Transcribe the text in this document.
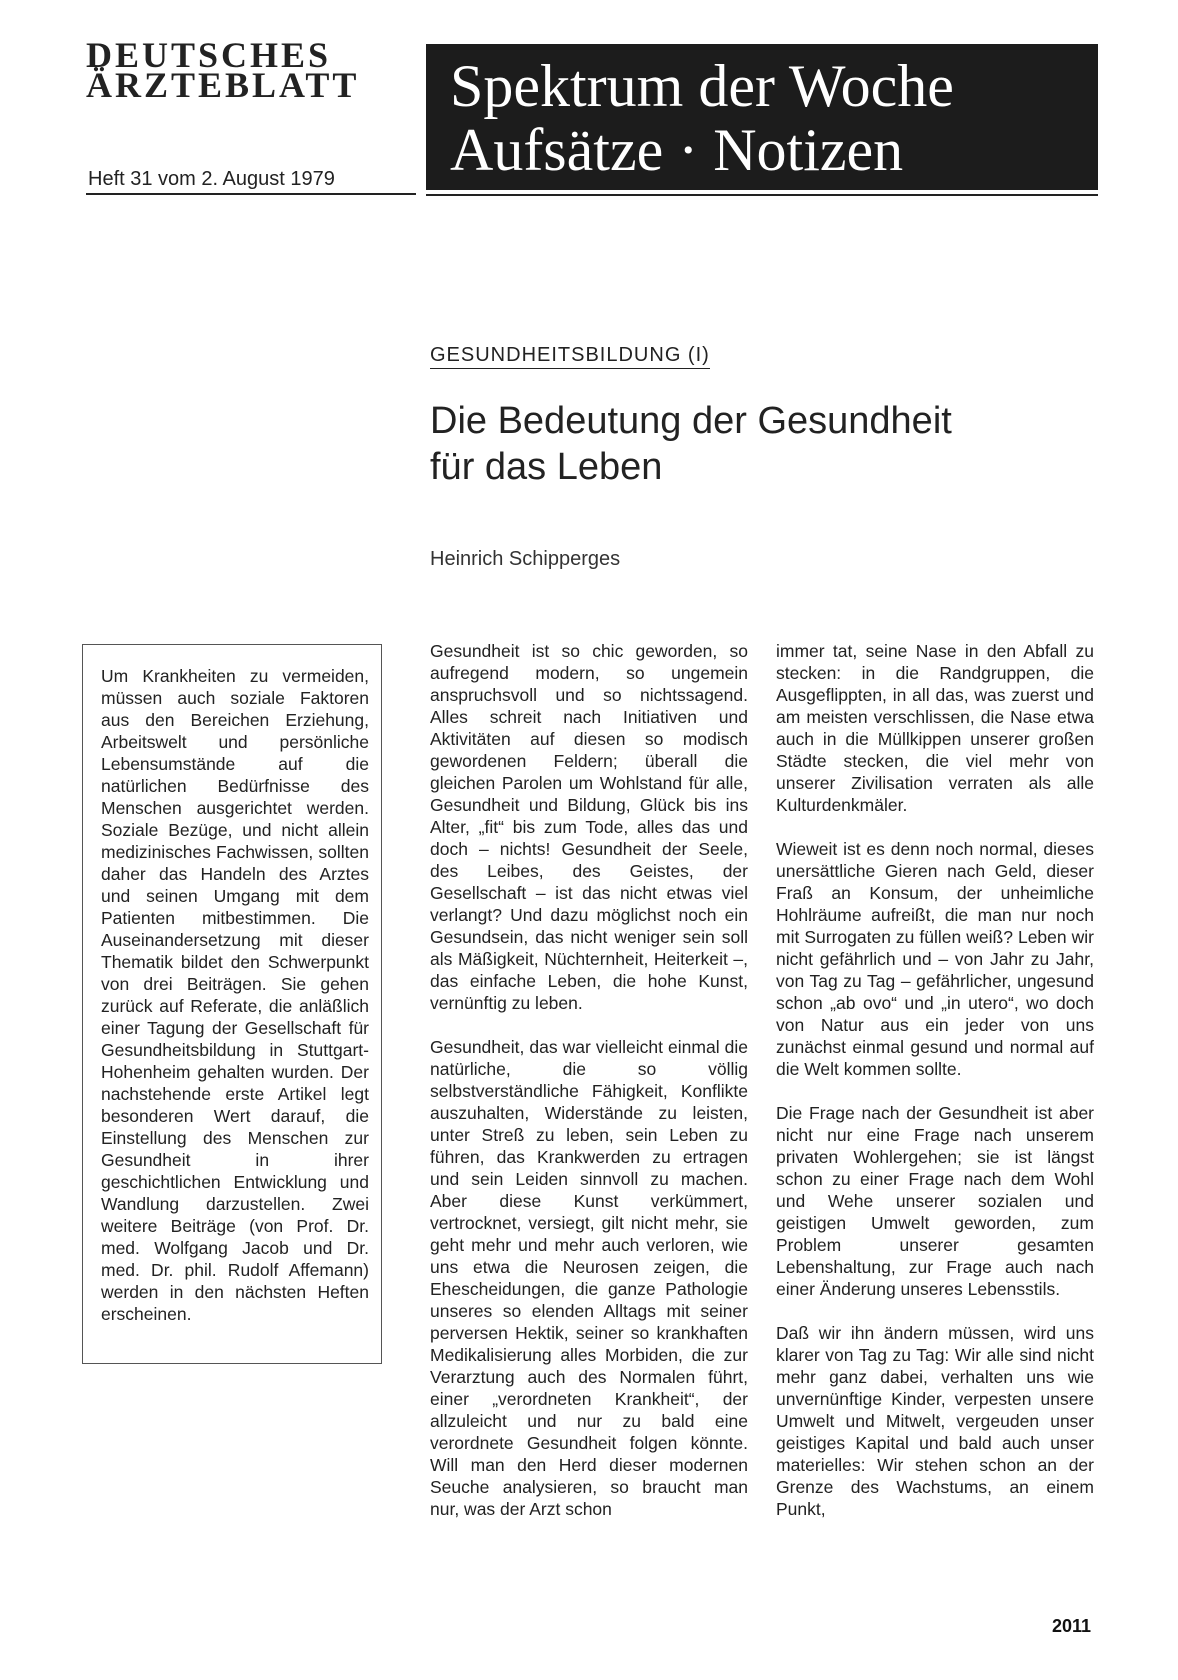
DEUTSCHES
ÄRZTEBLATT
Heft 31 vom 2. August 1979
Spektrum der Woche
Aufsätze · Notizen
GESUNDHEITSBILDUNG (I)
Die Bedeutung der Gesundheit
für das Leben
Heinrich Schipperges
Um Krankheiten zu vermeiden, müssen auch soziale Faktoren aus den Bereichen Erziehung, Arbeitswelt und persönliche Lebensumstände auf die natürlichen Bedürfnisse des Menschen ausgerichtet werden. Soziale Bezüge, und nicht allein medizinisches Fachwissen, sollten daher das Handeln des Arztes und seinen Umgang mit dem Patienten mitbestimmen. Die Auseinandersetzung mit dieser Thematik bildet den Schwerpunkt von drei Beiträgen. Sie gehen zurück auf Referate, die anläßlich einer Tagung der Gesellschaft für Gesundheitsbildung in Stuttgart-Hohenheim gehalten wurden. Der nachstehende erste Artikel legt besonderen Wert darauf, die Einstellung des Menschen zur Gesundheit in ihrer geschichtlichen Entwicklung und Wandlung darzustellen. Zwei weitere Beiträge (von Prof. Dr. med. Wolfgang Jacob und Dr. med. Dr. phil. Rudolf Affemann) werden in den nächsten Heften erscheinen.

Gesundheit ist so chic geworden, so aufregend modern, so ungemein anspruchsvoll und so nichtssagend. Alles schreit nach Initiativen und Aktivitäten auf diesen so modisch gewordenen Feldern; überall die gleichen Parolen um Wohlstand für alle, Gesundheit und Bildung, Glück bis ins Alter, „fit“ bis zum Tode, alles das und doch – nichts! Gesundheit der Seele, des Leibes, des Geistes, der Gesellschaft – ist das nicht etwas viel verlangt? Und dazu möglichst noch ein Gesundsein, das nicht weniger sein soll als Mäßigkeit, Nüchternheit, Heiterkeit –, das einfache Leben, die hohe Kunst, vernünftig zu leben.

Gesundheit, das war vielleicht einmal die natürliche, die so völlig selbstverständliche Fähigkeit, Konflikte auszuhalten, Widerstände zu leisten, unter Streß zu leben, sein Leben zu führen, das Krankwerden zu ertragen und sein Leiden sinnvoll zu machen. Aber diese Kunst verkümmert, vertrocknet, versiegt, gilt nicht mehr, sie geht mehr und mehr auch verloren, wie uns etwa die Neurosen zeigen, die Ehescheidungen, die ganze Pathologie unseres so elenden Alltags mit seiner perversen Hektik, seiner so krankhaften Medikalisierung alles Morbiden, die zur Verarztung auch des Normalen führt, einer „verordneten Krankheit“, der allzuleicht und nur zu bald eine verordnete Gesundheit folgen könnte. Will man den Herd dieser modernen Seuche analysieren, so braucht man nur, was der Arzt schon

immer tat, seine Nase in den Abfall zu stecken: in die Randgruppen, die Ausgeflippten, in all das, was zuerst und am meisten verschlissen, die Nase etwa auch in die Müllkippen unserer großen Städte stecken, die viel mehr von unserer Zivilisation verraten als alle Kulturdenkmäler.

Wieweit ist es denn noch normal, dieses unersättliche Gieren nach Geld, dieser Fraß an Konsum, der unheimliche Hohlräume aufreißt, die man nur noch mit Surrogaten zu füllen weiß? Leben wir nicht gefährlich und – von Jahr zu Jahr, von Tag zu Tag – gefährlicher, ungesund schon „ab ovo“ und „in utero“, wo doch von Natur aus ein jeder von uns zunächst einmal gesund und normal auf die Welt kommen sollte.

Die Frage nach der Gesundheit ist aber nicht nur eine Frage nach unserem privaten Wohlergehen; sie ist längst schon zu einer Frage nach dem Wohl und Wehe unserer sozialen und geistigen Umwelt geworden, zum Problem unserer gesamten Lebenshaltung, zur Frage auch nach einer Änderung unseres Lebensstils.

Daß wir ihn ändern müssen, wird uns klarer von Tag zu Tag: Wir alle sind nicht mehr ganz dabei, verhalten uns wie unvernünftige Kinder, verpesten unsere Umwelt und Mitwelt, vergeuden unser geistiges Kapital und bald auch unser materielles: Wir stehen schon an der Grenze des Wachstums, an einem Punkt,

2011
